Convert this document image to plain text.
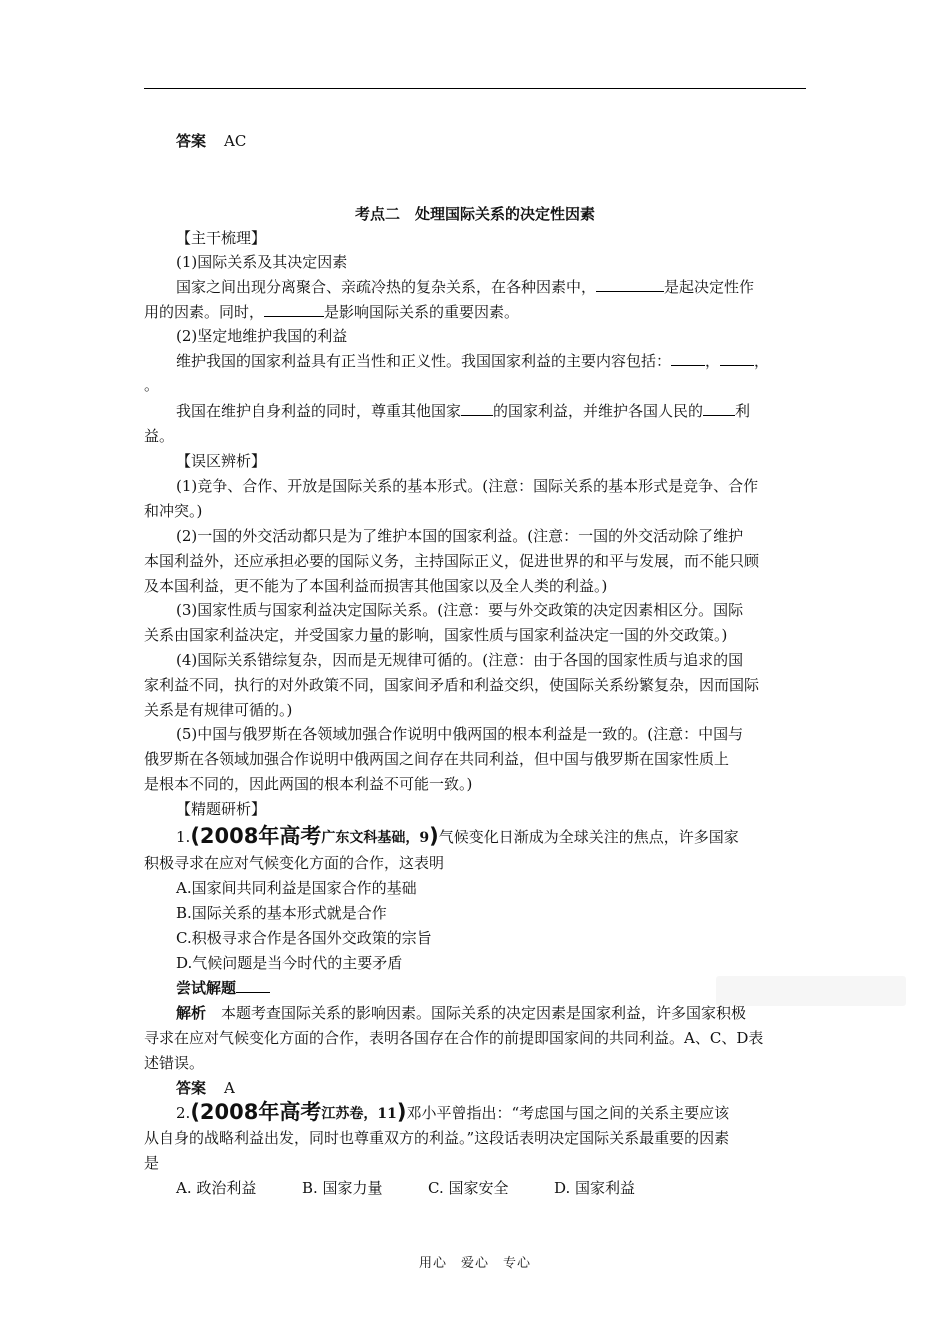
答案 AC
考点二　处理国际关系的决定性因素
【主干梳理】
(1)国际关系及其决定因素
国家之间出现分离聚合、亲疏冷热的复杂关系，在各种因素中，	是起决定性作
用的因素。同时，	是影响国际关系的重要因素。
(2)坚定地维护我国的利益
维护我国的国家利益具有正当性和正义性。我国国家利益的主要内容包括： ， ，
。
我国在维护自身利益的同时，尊重其他国家 的国家利益，并维护各国人民的 利
益。
【误区辨析】
(1)竞争、合作、开放是国际关系的基本形式。(注意：国际关系的基本形式是竞争、合作
和冲突。)
(2)一国的外交活动都只是为了维护本国的国家利益。(注意：一国的外交活动除了维护
本国利益外，还应承担必要的国际义务，主持国际正义，促进世界的和平与发展，而不能只顾
及本国利益，更不能为了本国利益而损害其他国家以及全人类的利益。)
(3)国家性质与国家利益决定国际关系。(注意：要与外交政策的决定因素相区分。国际
关系由国家利益决定，并受国家力量的影响，国家性质与国家利益决定一国的外交政策。)
(4)国际关系错综复杂，因而是无规律可循的。(注意：由于各国的国家性质与追求的国
家利益不同，执行的对外政策不同，国家间矛盾和利益交织，使国际关系纷繁复杂，因而国际
关系是有规律可循的。)
(5)中国与俄罗斯在各领域加强合作说明中俄两国的根本利益是一致的。(注意：中国与
俄罗斯在各领域加强合作说明中俄两国之间存在共同利益，但中国与俄罗斯在国家性质上
是根本不同的，因此两国的根本利益不可能一致。)
【精题研析】
1.(2008年高考广东文科基础，9)气候变化日渐成为全球关注的焦点，许多国家
积极寻求在应对气候变化方面的合作，这表明
A.国家间共同利益是国家合作的基础
B.国际关系的基本形式就是合作
C.积极寻求合作是各国外交政策的宗旨
D.气候问题是当今时代的主要矛盾
尝试解题
解析 本题考查国际关系的影响因素。国际关系的决定因素是国家利益，许多国家积极
寻求在应对气候变化方面的合作，表明各国存在合作的前提即国家间的共同利益。A、C、D表
述错误。
答案 A
2.(2008年高考江苏卷，11)邓小平曾指出：“考虑国与国之间的关系主要应该
从自身的战略利益出发，同时也尊重双方的利益。”这段话表明决定国际关系最重要的因素
是
A. 政治利益	B. 国家力量	C. 国家安全	D. 国家利益
用心　爱心　专心
